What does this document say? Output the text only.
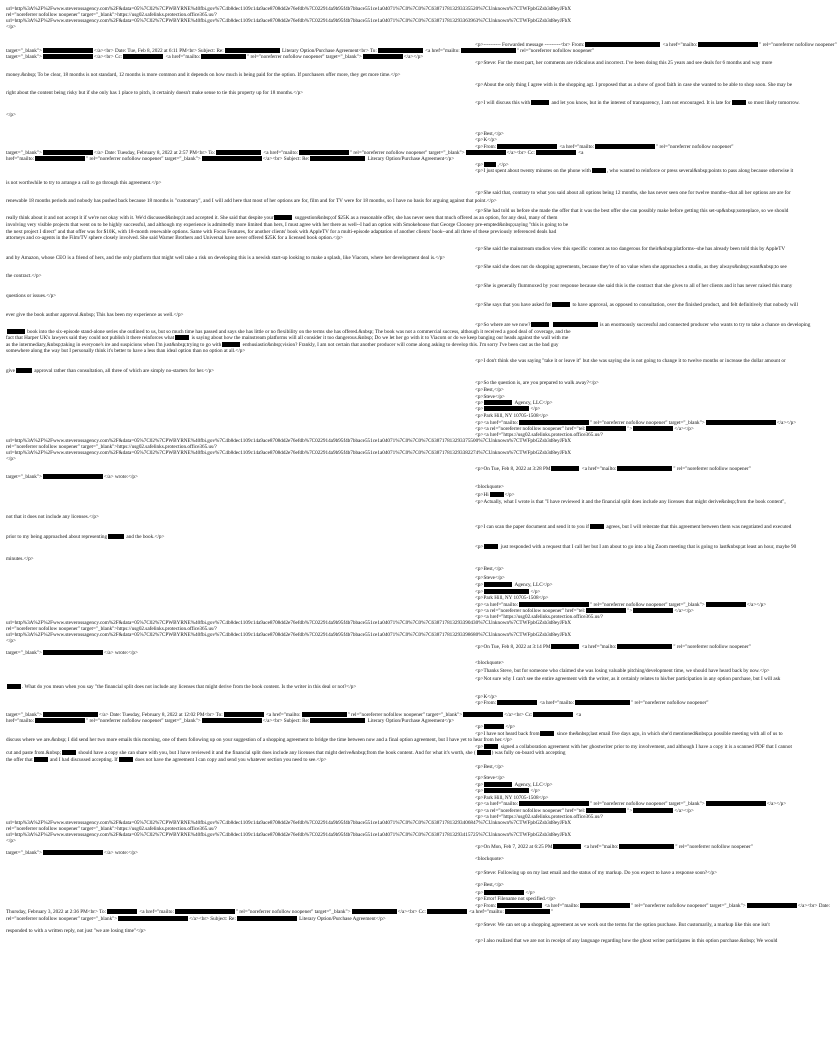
url=http%3A%2F%2Fwww.steverossagency.com%2F&data=05%7C02%7CPWBYRNE%40fbi.gov%7C4b8dec1109c14a9ace8708dd2e76efdb%7C022914a9b95f4b7bbace551ce1a04071%7C0%7C0%7C638717813293335520%7CUnknown%7CTWFpbGZsb3d8eyJFbX
rel="noreferrer nofollow noopener" target="_blank">https://usg02.safelinks.protection.office365.us/?
url=http%3A%2F%2Fwww.steverossagency.com%2F&data=05%7C02%7CPWBYRNE%40fbi.gov%7C4b8dec1109c14a9ace8708dd2e76efdb%7C022914a9b95f4b7bbace551ce1a04071%7C0%7C0%7C638717813293363963%7CUnknown%7CTWFpbGZsb3d8eyJFbX
</p>
<p>---------- Forwarded message ---------<br> From:	<a href="mailto:	" rel="noreferrer nofollow noopener"
target="_blank">	</a><br> Date: Tue, Feb 8, 2022 at 6:11 PM<br> Subject: Re:	Literary Option/Purchase Agreement<br> To:	<a href="mailto:	" rel="noreferrer nofollow noopener"
target="_blank">	</a><br> Cc:	<a href="mailto:	" rel="noreferrer nofollow noopener" target="_blank">	</a></p>
<p>Steve: For the most part, her comments are ridiculous and incorrect. I've been doing this 25 years and see deals for 6 months and way more
money.&nbsp; To be clear, 18 months is not standard, 12 months is more common and it depends on how much is being paid for the option. If purchasers offer more, they get more time.</p>
<p>About the only thing I agree with is the shopping agt. I proposed that as a show of good faith in case she wanted to be able to shop soon. She may be
right about the content being risky but if she only has 1 place to pitch, it certainly doesn't make sense to tie this property up for 18 months.</p>
<p>I will discuss this with	and let you know, but in the interest of transparency, I am not encouraged. It is late for	so most likely tomorrow.
</p>
<p>Best,</p>
<p>K</p>
<p>From:	<a href="mailto:	" rel="noreferrer nofollow noopener"
target="_blank">	</a> Date: Tuesday, February 8, 2022 at 2:57 PM<br> To:	<a href="mailto:	" rel="noreferrer nofollow noopener" target="_blank">	</a><br> Cc:	<a
href="mailto:	" rel="noreferrer nofollow noopener" target="_blank">	</a><br> Subject: Re:	Literary Option/Purchase Agreement</p>
<p>	,</p>
<p>I just spent about twenty minutes on the phone with	, who wanted to reinforce or press several&nbsp;points to pass along because otherwise it
is not worthwhile to try to arrange a call to go through this agreement.</p>
<p>She said that, contrary to what you said about all options being 12 months, she has never seen one for twelve months--that all her options are are for
renewable 18 months periods and nobody has pushed back because 18 months is "customary", and I will add here that most of her options are for, film and for TV were for 18 months, so I have no basis for arguing against that point.</p>
<p>She had told us before she made the offer that it was the best offer she can possibly make before getting this set-up&nbsp;someplace, so we should
really think about it and not accept it if we're not okay with it. We'd discussed&nbsp;it and accepted it. She said that despite your	suggestion&nbsp;of $25K as a reasonable offer, she has never seen that much offered as an option, for any deal, many of them
involving very visible projects that went on to be highly successful, and although my experience is admittedly more limited than hers, I must agree with her there as well--I had an option with Smokehouse that George Clooney pre-empted&nbsp;saying "this is going to be
the next project I direct" and that offer was for $10K, with 18-month renewable options. Same with Focus Features, for another clients' book with AppleTV for a multi-episode adaptation of another clients' book--and all three of these previously referenced deals had
attorneys and co-agents in the Film/TV sphere closely involved. She said Warner Brothers and Universal have never offered $25K for a licensed book option.</p>
<p>She said the mainstream studios view this specific content as too dangerous for their&nbsp;platforms--she has already been told this by AppleTV
and by Amazon, whose CEO is a friend of hers, and the only platform that might well take a risk on developing this is a newish start-up looking to make a splash, like Viacom, where her development deal is.</p>
<p>She said she does not do shopping agreements, because they're of no value when she approaches a studio, as they always&nbsp;want&nbsp;to see
the contract.</p>
<p>She is generally flummoxed by your response because she said this is the contract that she gives to all of her clients and it has never raised this many
questions or issues.</p>
<p>She says that you have asked for	to have approval, as opposed to consultation, over the finished product, and felt definitively that nobody will
ever give the book author approval.&nbsp; This has been my experience as well.</p>
<p>So where are we now?	is an enormously successful and connected producer who wants to try to take a chance on developing
book into the six-episode stand-alone series she outlined to us, but so much time has passed and says she has little or no flexibility on the terms she has offered.&nbsp; The book was not a commercial success, although it received a good deal of coverage, and the
fact that Harper UK's lawyers said they could not publish it there reinforces what	is saying about how the mainstream platforms will all consider it too dangerous.&nbsp; Do we let her go with it to Viacom or do we keep banging our heads against the wall with me
as the intermediary,&nbsp;taking in everyone's ire and suspicions when I'm just&nbsp;trying to go with	enthusiastic&nbsp;vision? Frankly, I am not certain that another producer will come along asking to develop this. I'm sorry I've been cast as the bad guy
somewhere along the way but I personally think it's better to have a less than ideal option than no option at all.</p>
<p>I don't think she was saying "take it or leave it" but she was saying she is not going to change it to twelve months or increase the dollar amount or
give	approval rather than consultation, all three of which are simply no-starters for her.</p>
<p>So the question is, are you prepared to walk away?</p>
<p>Best,</p>
<p>Steve</p>
<p>	Agency, LLC</p>
<p>	</p>
<p>Park Hill, NY 10705-1508</p>
<p><a href="mailto:	" rel="noreferrer nofollow noopener" target="_blank">	</a></p>
<p><a rel="noreferrer nofollow noopener" href="tel:	">	</a></p>
<p><a href="https://usg02.safelinks.protection.office365.us/?
url=http%3A%2F%2Fwww.steverossagency.com%2F&data=05%7C02%7CPWBYRNE%40fbi.gov%7C4b8dec1109c14a9ace8708dd2e76efdb%7C022914a9b95f4b7bbace551ce1a04071%7C0%7C0%7C638717813293375500%7CUnknown%7CTWFpbGZsb3d8eyJFbX
rel="noreferrer nofollow noopener" target="_blank">https://usg02.safelinks.protection.office365.us/?
url=http%3A%2F%2Fwww.steverossagency.com%2F&data=05%7C02%7CPWBYRNE%40fbi.gov%7C4b8dec1109c14a9ace8708dd2e76efdb%7C022914a9b95f4b7bbace551ce1a04071%7C0%7C0%7C638717813293382274%7CUnknown%7CTWFpbGZsb3d8eyJFbX
</p>
<p>On Tue, Feb 8, 2022 at 3:28 PM	<a href="mailto:	" rel="noreferrer nofollow noopener"
target="_blank">	</a> wrote:</p>
<blockquote>
<p>Hi	</p>
<p>Actually, what I wrote is that "I have reviewed it and the financial split does include any licenses that might derive&nbsp;from the book content",
not that it does not include any licenses.</p>
<p>I can scan the paper document and send it to you if	agrees, but I will reiterate that this agreement between them was negotiated and executed
prior to my being approached about representing	and the book.</p>
<p>	just responded with a request that I call her but I am about to go into a big Zoom meeting that is going to last&nbsp;at least an hour, maybe 90
minutes.</p>
<p>Best,</p>
<p>Steve</p>
<p>	Agency, LLC</p>
<p>	</p>
<p>Park Hill, NY 10705-1508</p>
<p><a href="mailto:	" rel="noreferrer nofollow noopener" target="_blank">	</a></p>
<p><a rel="noreferrer nofollow noopener" href="tel:	">	</a></p>
<p><a href="https://usg02.safelinks.protection.office365.us/?
url=http%3A%2F%2Fwww.steverossagency.com%2F&data=05%7C02%7CPWBYRNE%40fbi.gov%7C4b8dec1109c14a9ace8708dd2e76efdb%7C022914a9b95f4b7bbace551ce1a04071%7C0%7C0%7C638717813293390430%7CUnknown%7CTWFpbGZsb3d8eyJFbX
rel="noreferrer nofollow noopener" target="_blank">https://usg02.safelinks.protection.office365.us/?
url=http%3A%2F%2Fwww.steverossagency.com%2F&data=05%7C02%7CPWBYRNE%40fbi.gov%7C4b8dec1109c14a9ace8708dd2e76efdb%7C022914a9b95f4b7bbace551ce1a04071%7C0%7C0%7C638717813293398680%7CUnknown%7CTWFpbGZsb3d8eyJFbX
</p>
<p>On Tue, Feb 8, 2022 at 3:14 PM	<a href="mailto:	" rel="noreferrer nofollow noopener"
target="_blank">	</a> wrote:</p>
<blockquote>
<p>Thanks Steve, but for someone who claimed she was losing valuable pitching/development time, we should have heard back by now.</p>
<p>Not sure why I can't see the entire agreement with the writer, as it certainly relates to his/her participation in any option purchase, but I will ask
. What do you mean when you say "the financial split does not include any licenses that might derive from the book content. Is the writer in this deal or not?</p>
<p>K</p>
<p>From:	<a href="mailto:	" rel="noreferrer nofollow noopener"
target="_blank">	</a> Date: Tuesday, February 8, 2022 at 12:02 PM<br> To:	<a href="mailto:	" rel="noreferrer nofollow noopener" target="_blank">	</a><br> Cc:	<a
href="mailto:	" rel="noreferrer nofollow noopener" target="_blank">	</a><br> Subject: Re:	Literary Option/Purchase Agreement</p>
<p>	</p>
<p>I have not heard back from	since the&nbsp;last email five days ago, in which she'd mentioned&nbsp;a possible meeting with all of us to
discuss where we are.&nbsp; I did send her two more emails this morning, one of them following up on your suggestion of a shopping agreement to bridge the time between now and a final option agreement, but I have yet to hear from her.</p>
<p>	signed a collaboration agreement with her ghostwriter prior to my involvement, and although I have a copy it is a scanned PDF that I cannot
cut and paste from.&nbsp;	should have a copy she can share with you, but I have reviewed it and the financial split does include any licenses that might derive&nbsp;from the book content. And for what it's worth, she (	) was fully on-board with accepting
the offer that	and I had discussed accepting. If	does not have the agreement I can copy and send you whatever section you need to see.</p>
<p>Best,</p>
<p>Steve</p>
<p>	Agency, LLC</p>
<p>	</p>
<p>Park Hill, NY 10705-1508</p>
<p><a href="mailto:	" rel="noreferrer nofollow noopener" target="_blank">	</a></p>
<p><a rel="noreferrer nofollow noopener" href="tel:	">	</a></p>
<p><a href="https://usg02.safelinks.protection.office365.us/?
url=http%3A%2F%2Fwww.steverossagency.com%2F&data=05%7C02%7CPWBYRNE%40fbi.gov%7C4b8dec1109c14a9ace8708dd2e76efdb%7C022914a9b95f4b7bbace551ce1a04071%7C0%7C0%7C638717813293406847%7CUnknown%7CTWFpbGZsb3d8eyJFbX
rel="noreferrer nofollow noopener" target="_blank">https://usg02.safelinks.protection.office365.us/?
url=http%3A%2F%2Fwww.steverossagency.com%2F&data=05%7C02%7CPWBYRNE%40fbi.gov%7C4b8dec1109c14a9ace8708dd2e76efdb%7C022914a9b95f4b7bbace551ce1a04071%7C0%7C0%7C638717813293415725%7CUnknown%7CTWFpbGZsb3d8eyJFbX
</p>
<p>On Mon, Feb 7, 2022 at 6:25 PM	<a href="mailto:	" rel="noreferrer nofollow noopener"
target="_blank">	</a> wrote:</p>
<blockquote>
<p>Steve: Following up on my last email and the status of my markup. Do you expect to have a response soon?</p>
<p>Best,</p>
<p>	</p>
<p>Error! Filename not specified.</p>
<p>From:	<a href="mailto:	" rel="noreferrer nofollow noopener" target="_blank">	</a><br> Date:
Thursday, February 3, 2022 at 2:36 PM<br> To:	<a href="mailto:	" rel="noreferrer nofollow noopener" target="_blank">	</a><br> Cc:	<a href="mailto:	"
rel="noreferrer nofollow noopener" target="_blank">	</a><br> Subject: Re:	Literary Option/Purchase Agreement</p>
<p>Steve: We can set up a shopping agreement as we work out the terms for the option purchase. But customarily, a markup like this one isn't
responded to with a written reply, not just "we are losing time"</p>
<p>I also realized that we are not in receipt of any language regarding how the ghost writer participates in this option purchase.&nbsp; We would
